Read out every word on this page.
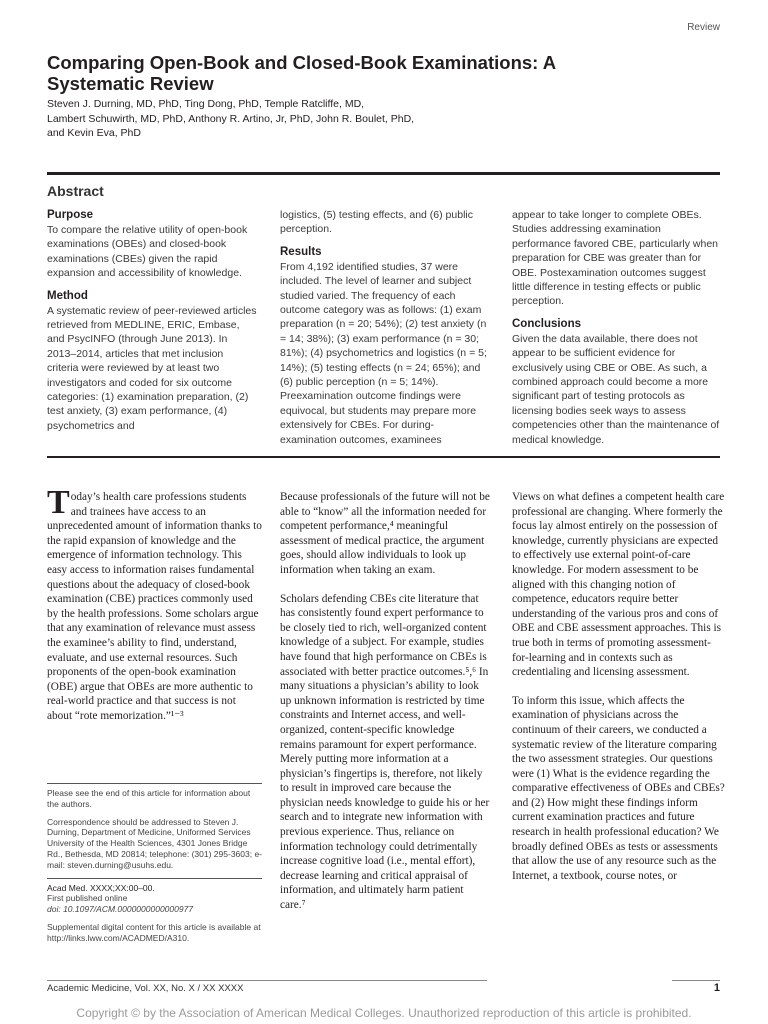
Review
Comparing Open-Book and Closed-Book Examinations: A Systematic Review
Steven J. Durning, MD, PhD, Ting Dong, PhD, Temple Ratcliffe, MD,
Lambert Schuwirth, MD, PhD, Anthony R. Artino, Jr, PhD, John R. Boulet, PhD,
and Kevin Eva, PhD
Abstract
Purpose

To compare the relative utility of open-book examinations (OBEs) and closed-book examinations (CBEs) given the rapid expansion and accessibility of knowledge.

Method

A systematic review of peer-reviewed articles retrieved from MEDLINE, ERIC, Embase, and PsycINFO (through June 2013). In 2013–2014, articles that met inclusion criteria were reviewed by at least two investigators and coded for six outcome categories: (1) examination preparation, (2) test anxiety, (3) exam performance, (4) psychometrics and

logistics, (5) testing effects, and (6) public perception.

Results

From 4,192 identified studies, 37 were included. The level of learner and subject studied varied. The frequency of each outcome category was as follows: (1) exam preparation (n = 20; 54%); (2) test anxiety (n = 14; 38%); (3) exam performance (n = 30; 81%); (4) psychometrics and logistics (n = 5; 14%); (5) testing effects (n = 24; 65%); and (6) public perception (n = 5; 14%). Preexamination outcome findings were equivocal, but students may prepare more extensively for CBEs. For during-examination outcomes, examinees

appear to take longer to complete OBEs. Studies addressing examination performance favored CBE, particularly when preparation for CBE was greater than for OBE. Postexamination outcomes suggest little difference in testing effects or public perception.

Conclusions

Given the data available, there does not appear to be sufficient evidence for exclusively using CBE or OBE. As such, a combined approach could become a more significant part of testing protocols as licensing bodies seek ways to assess competencies other than the maintenance of medical knowledge.

Today’s health care professions students and trainees have access to an unprecedented amount of information thanks to the rapid expansion of knowledge and the emergence of information technology. This easy access to information raises fundamental questions about the adequacy of closed-book examination (CBE) practices commonly used by the health professions. Some scholars argue that any examination of relevance must assess the examinee’s ability to find, understand, evaluate, and use external resources. Such proponents of the open-book examination (OBE) argue that OBEs are more authentic to real-world practice and that success is not about “rote memorization.”¹⁻³

Because professionals of the future will not be able to “know” all the information needed for competent performance,⁴ meaningful assessment of medical practice, the argument goes, should allow individuals to look up information when taking an exam.

Scholars defending CBEs cite literature that has consistently found expert performance to be closely tied to rich, well-organized content knowledge of a subject. For example, studies have found that high performance on CBEs is associated with better practice outcomes.⁵,⁶ In many situations a physician’s ability to look up unknown information is restricted by time constraints and Internet access, and well-organized, content-specific knowledge remains paramount for expert performance. Merely putting more information at a physician’s fingertips is, therefore, not likely to result in improved care because the physician needs knowledge to guide his or her search and to integrate new information with previous experience. Thus, reliance on information technology could detrimentally increase cognitive load (i.e., mental effort), decrease learning and critical appraisal of information, and ultimately harm patient care.⁷

Views on what defines a competent health care professional are changing. Where formerly the focus lay almost entirely on the possession of knowledge, currently physicians are expected to effectively use external point-of-care knowledge. For modern assessment to be aligned with this changing notion of competence, educators require better understanding of the various pros and cons of OBE and CBE assessment approaches. This is true both in terms of promoting assessment-for-learning and in contexts such as credentialing and licensing assessment.

To inform this issue, which affects the examination of physicians across the continuum of their careers, we conducted a systematic review of the literature comparing the two assessment strategies. Our questions were (1) What is the evidence regarding the comparative effectiveness of OBEs and CBEs? and (2) How might these findings inform current examination practices and future research in health professional education? We broadly defined OBEs as tests or assessments that allow the use of any resource such as the Internet, a textbook, course notes, or

Please see the end of this article for information about the authors.

Correspondence should be addressed to Steven J. Durning, Department of Medicine, Uniformed Services University of the Health Sciences, 4301 Jones Bridge Rd., Bethesda, MD 20814; telephone: (301) 295-3603; e-mail: steven.durning@usuhs.edu.

Acad Med. XXXX;XX:00–00.
First published online
doi: 10.1097/ACM.0000000000000977

Supplemental digital content for this article is available at http://links.lww.com/ACADMED/A310.

Academic Medicine, Vol. XX, No. X / XX XXXX	1
Copyright © by the Association of American Medical Colleges. Unauthorized reproduction of this article is prohibited.
